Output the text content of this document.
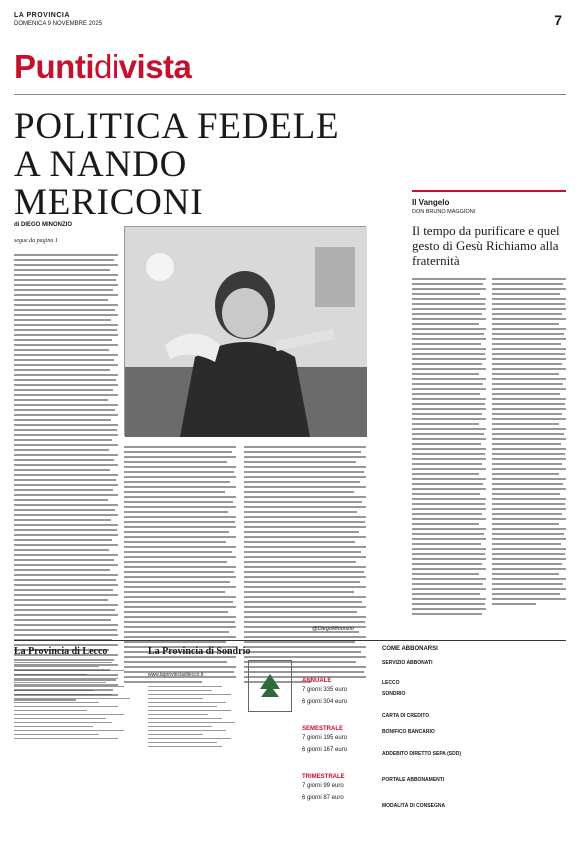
LA PROVINCIA
DOMENICA 9 NOVEMBRE 2025	7
Puntidivista
POLITICA FEDELE
A NANDO MERICONI
di DIEGO MINONZIO
segue da pagina 1
Il Vangelo
DON BRUNO MAGGIONI
Il tempo da purificare e quel gesto di Gesù Richiamo alla fraternità
@DiegoMinonzio
La Provincia di Lecco	La Provincia di Sondrio
www.laprovinciadilecco.it
COME ABBONARSI
ANNUALE
7 giorni 335 euro
6 giorni 304 euro
SEMESTRALE
7 giorni 195 euro
6 giorni 167 euro
TRIMESTRALE
7 giorni 99 euro
6 giorni 87 euro
SERVIZIO ABBONATI
LECCO
SONDRIO
CARTA DI CREDITO
BONIFICO BANCARIO
ADDEBITO DIRETTO SEPA (SDD)
PORTALE ABBONAMENTI
MODALITÀ DI CONSEGNA
